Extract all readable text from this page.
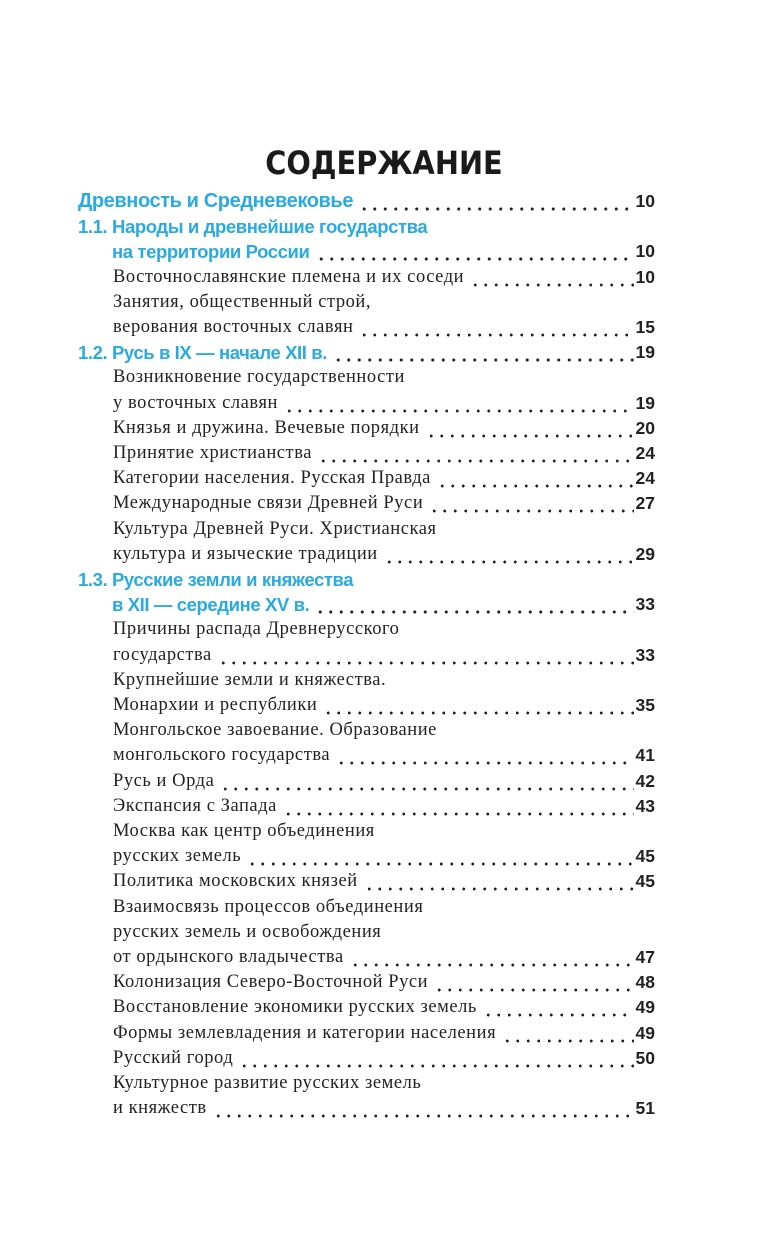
СОДЕРЖАНИЕ
Древность и Средневековье	10
1.1. Народы и древнейшие государства
на территории России	10
Восточнославянские племена и их соседи	10
Занятия, общественный строй,
верования восточных славян	15
1.2. Русь в IX — начале XII в.	19
Возникновение государственности
у восточных славян	19
Князья и дружина. Вечевые порядки	20
Принятие христианства	24
Категории населения. Русская Правда	24
Международные связи Древней Руси	27
Культура Древней Руси. Христианская
культура и языческие традиции	29
1.3. Русские земли и княжества
в XII — середине XV в.	33
Причины распада Древнерусского
государства	33
Крупнейшие земли и княжества.
Монархии и республики	35
Монгольское завоевание. Образование
монгольского государства	41
Русь и Орда	42
Экспансия с Запада	43
Москва как центр объединения
русских земель	45
Политика московских князей	45
Взаимосвязь процессов объединения
русских земель и освобождения
от ордынского владычества	47
Колонизация Северо-Восточной Руси	48
Восстановление экономики русских земель	49
Формы землевладения и категории населения	49
Русский город	50
Культурное развитие русских земель
и княжеств	51
